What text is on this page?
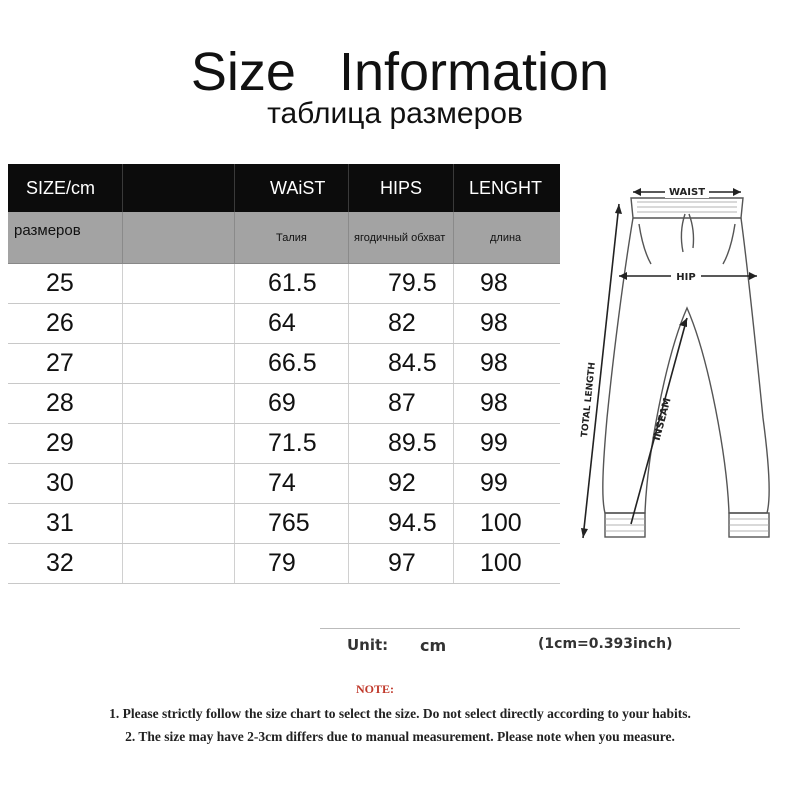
Size Information
таблица размеров
SIZE/cm	WAiST	HIPS	LENGHT
размеров	Талия	ягодичный обхват	длина
25	61.5	79.5 98
26	64	82	98
27	66.5	84.5 98
28	69	87	98
29	71.5	89.5 99
30	74	92	99
31	765	94.5 100
32	79	97	100
WAIST
HIP
TOTAL LENGTH	INSEAM
Unit: cm	(1cm=0.393inch)
NOTE:
1. Please strictly follow the size chart to select the size. Do not select directly according to your habits.
2. The size may have 2-3cm differs due to manual measurement. Please note when you measure.
